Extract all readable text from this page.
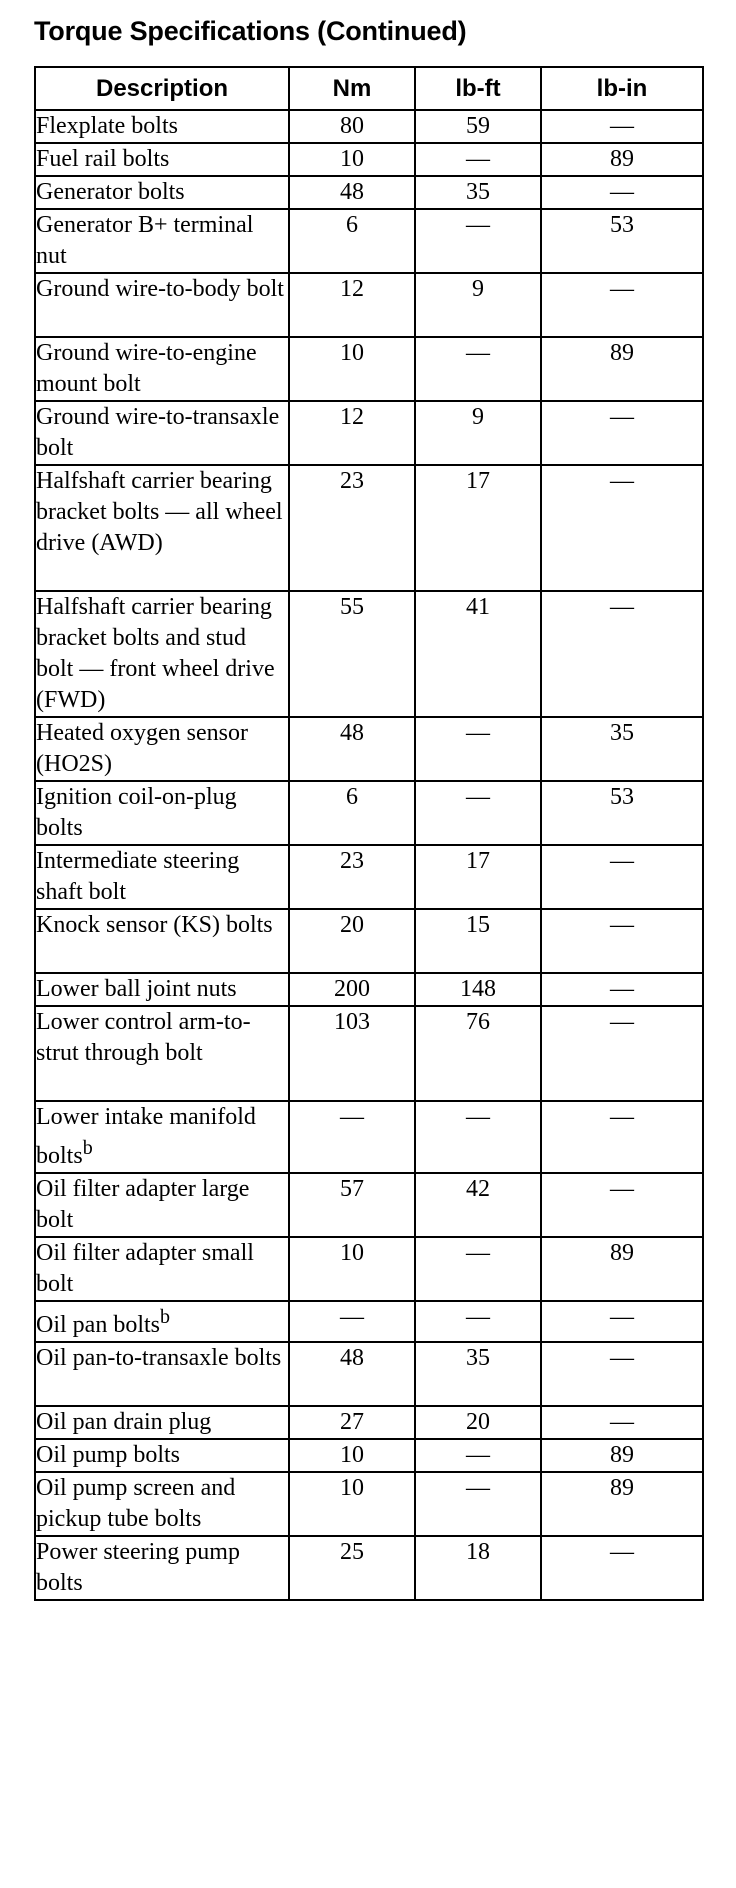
Torque Specifications (Continued)
Description	Nm	lb-ft	lb-in
Flexplate bolts	80	59	—
Fuel rail bolts	10	—	89
Generator bolts	48	35	—
Generator B+ terminal nut	6	—	53
Ground wire-to-body bolt	12	9	—
Ground wire-to-engine mount bolt	10	—	89
Ground wire-to-transaxle bolt	12	9	—
Halfshaft carrier bearing bracket bolts — all wheel drive (AWD)	23	17	—
Halfshaft carrier bearing bracket bolts and stud bolt — front wheel drive (FWD)	55	41	—
Heated oxygen sensor (HO2S)	48	—	35
Ignition coil-on-plug bolts	6	—	53
Intermediate steering shaft bolt	23	17	—
Knock sensor (KS) bolts	20	15	—
Lower ball joint nuts	200	148	—
Lower control arm-to-strut through bolt	103	76	—
Lower intake manifold bolts$^b$	—	—	—
Oil filter adapter large bolt	57	42	—
Oil filter adapter small bolt	10	—	89
Oil pan bolts$^b$	—	—	—
Oil pan-to-transaxle bolts	48	35	—
Oil pan drain plug	27	20	—
Oil pump bolts	10	—	89
Oil pump screen and pickup tube bolts	10	—	89
Power steering pump bolts	25	18	—
